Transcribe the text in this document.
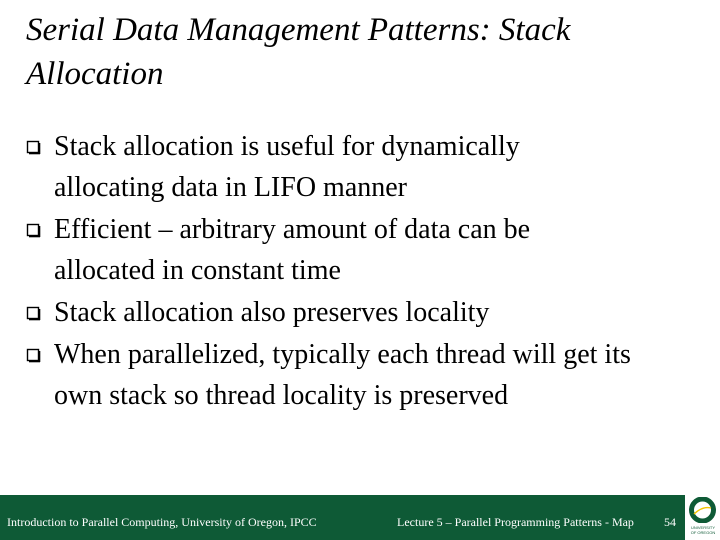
Serial Data Management Patterns: Stack
Allocation
Stack allocation is useful for dynamically
allocating data in LIFO manner
Efficient – arbitrary amount of data can be
allocated in constant time
Stack allocation also preserves locality
When parallelized, typically each thread will get its
own stack so thread locality is preserved
Introduction to Parallel Computing, University of Oregon, IPCC	Lecture 5 – Parallel Programming Patterns - Map	54	UNIVERSITY
OF OREGON
